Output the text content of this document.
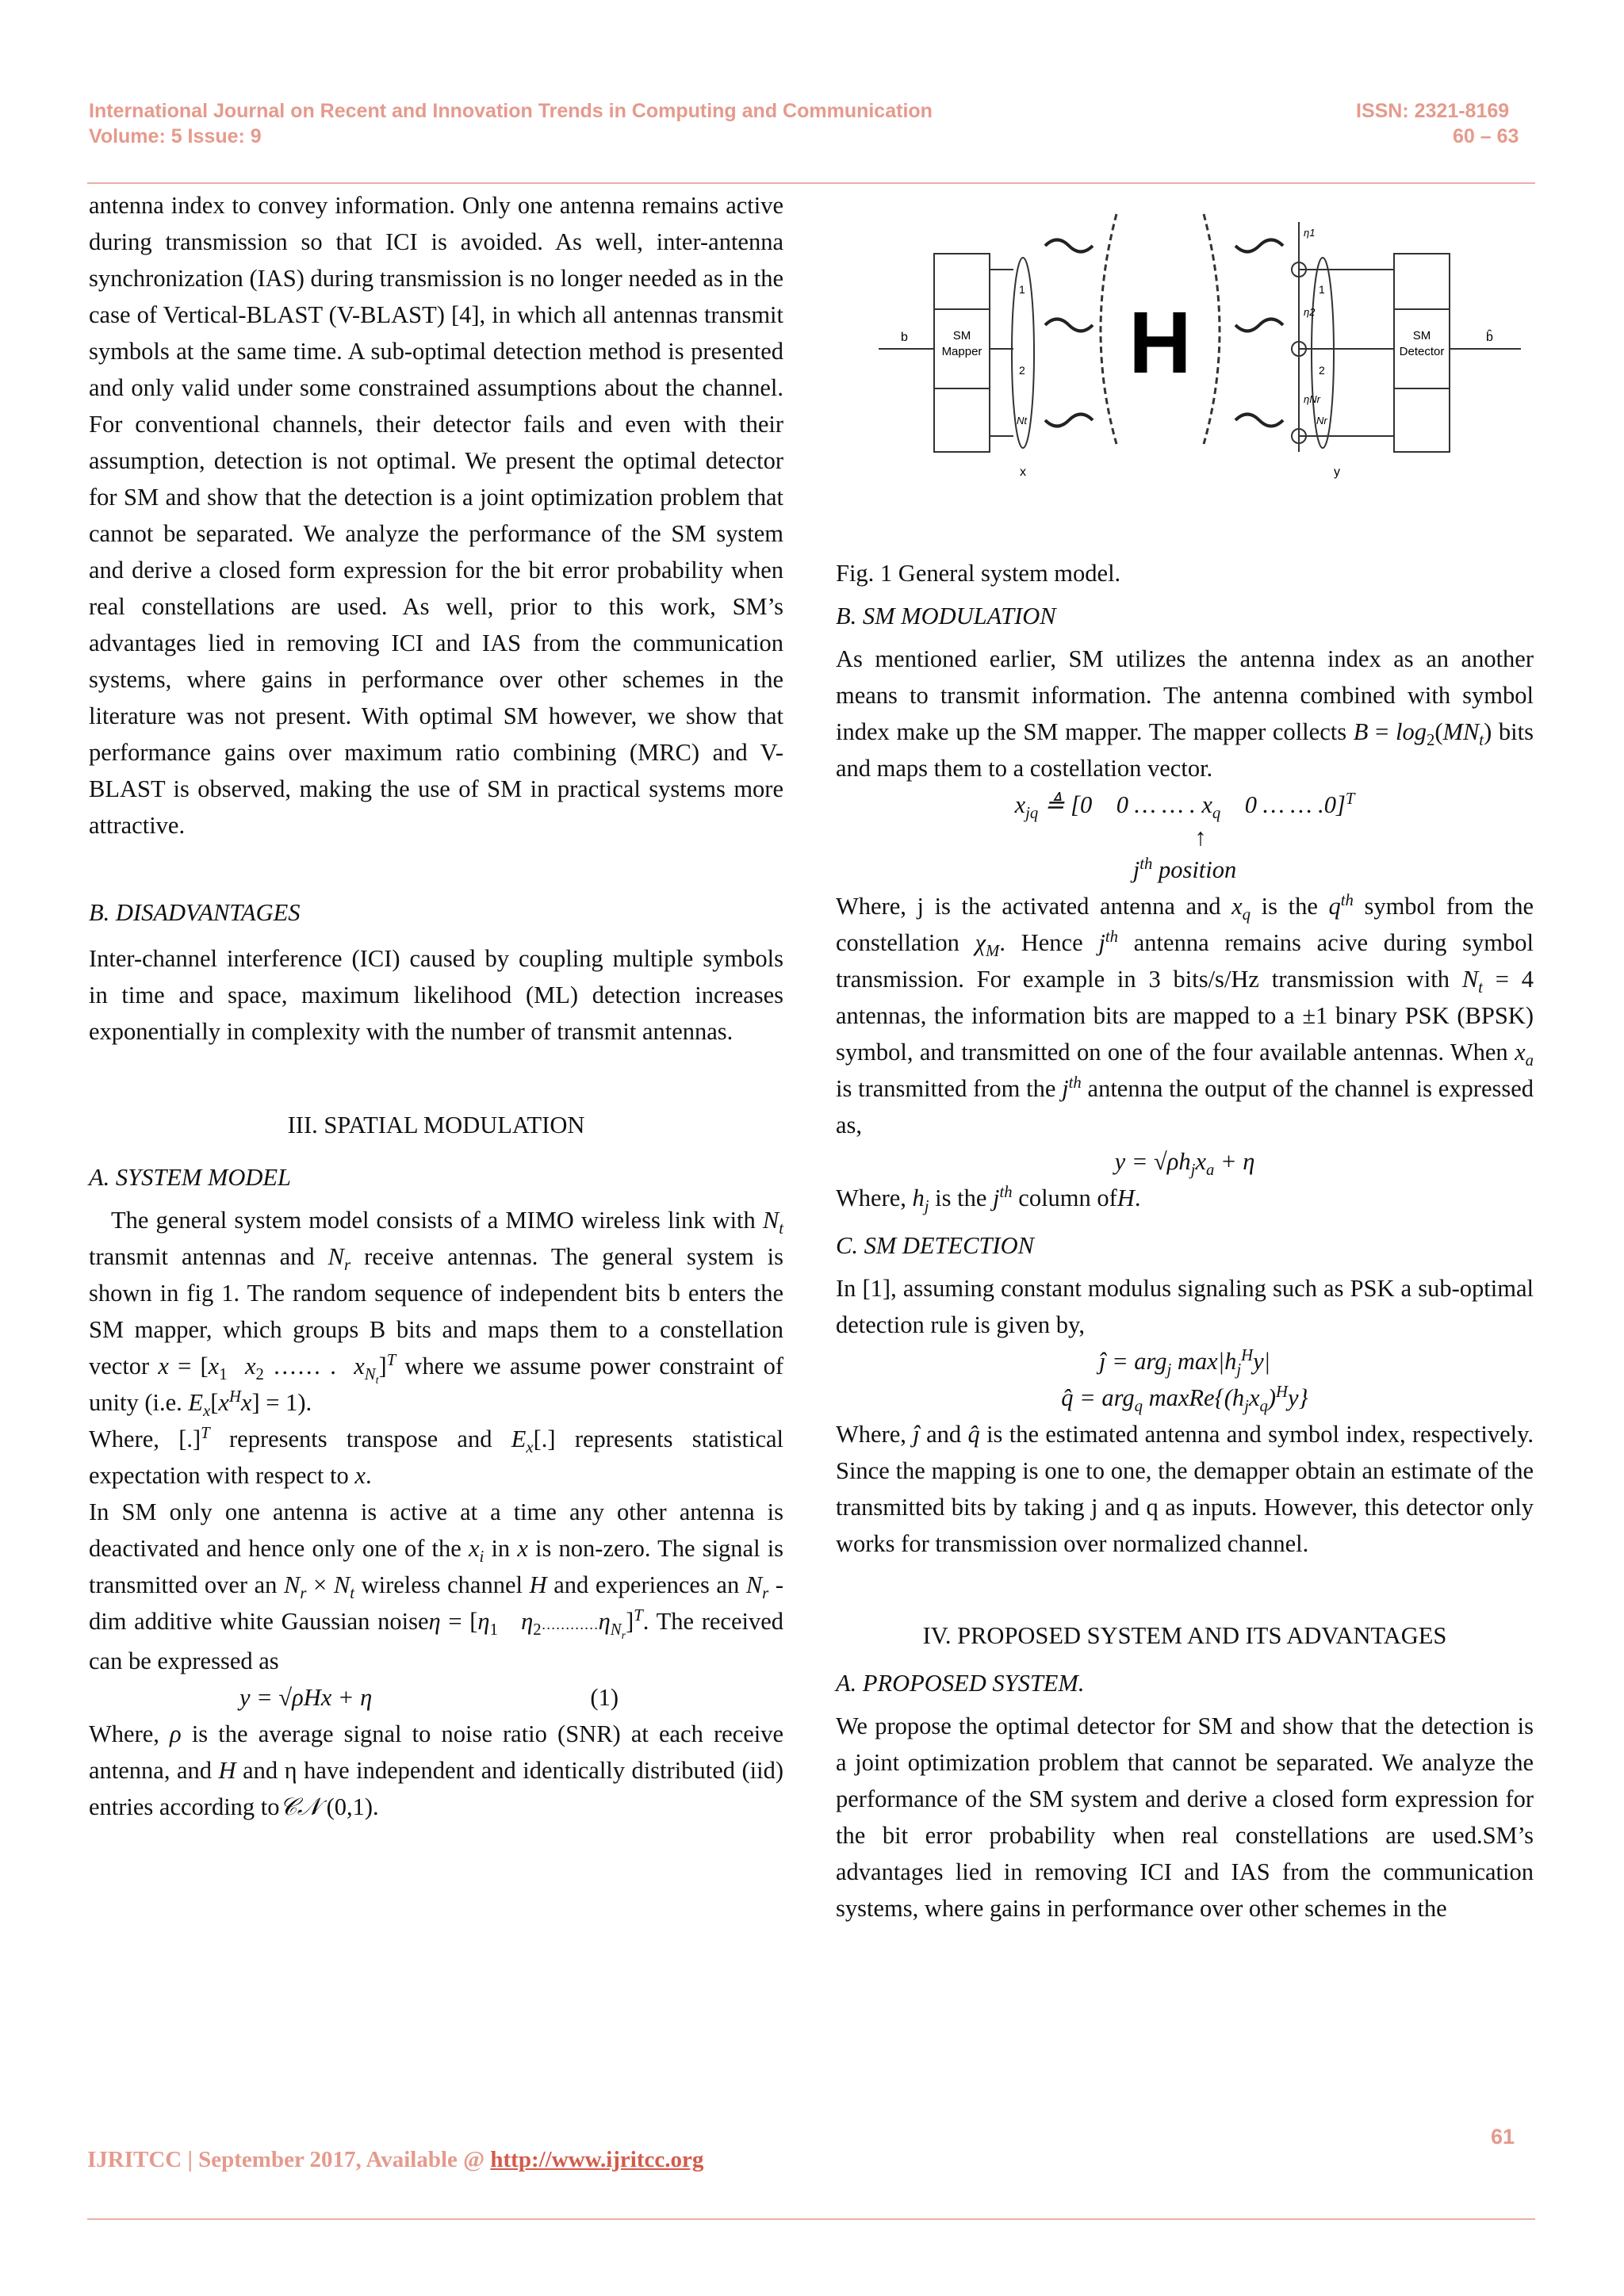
International Journal on Recent and Innovation Trends in Computing and Communication	ISSN: 2321-8169
Volume: 5 Issue: 9	60 – 63

antenna index to convey information. Only one antenna remains active during transmission so that ICI is avoided. As well, inter-antenna synchronization (IAS) during transmission is no longer needed as in the case of Vertical-BLAST (V-BLAST) [4], in which all antennas transmit symbols at the same time. A sub-optimal detection method is presented and only valid under some constrained assumptions about the channel. For conventional channels, their detector fails and even with their assumption, detection is not optimal. We present the optimal detector for SM and show that the detection is a joint optimization problem that cannot be separated. We analyze the performance of the SM system and derive a closed form expression for the bit error probability when real constellations are used. As well, prior to this work, SM’s advantages lied in removing ICI and IAS from the communication systems, where gains in performance over other schemes in the literature was not present. With optimal SM however, we show that performance gains over maximum ratio combining (MRC) and V-BLAST is observed, making the use of SM in practical systems more attractive.

B. DISADVANTAGES

Inter-channel interference (ICI) caused by coupling multiple symbols in time and space, maximum likelihood (ML) detection increases exponentially in complexity with the number of transmit antennas.

III. SPATIAL MODULATION

A. SYSTEM MODEL

The general system model consists of a MIMO wireless link with $N_t$ transmit antennas and $N_r$ receive antennas. The general system is shown in fig 1. The random sequence of independent bits b enters the SM mapper, which groups B bits and maps them to a constellation vector $x = [x_1$ $x_2$ …… .  $x_{N_t}]^T$ where we assume power constraint of unity (i.e. $E_x[x^Hx] = 1$).

Where, [.]$^T$ represents transpose and $E_x[.]$ represents statistical expectation with respect to x.

In SM only one antenna is active at a time any other antenna is deactivated and hence only one of the $x_i$ in x is non-zero. The signal is transmitted over an $N_r \times N_t$ wireless channel H and experiences an $N_r$ -dim additive white Gaussian noiseη = [$\eta_1$ $\eta_2\dots\dots\dots\dots\eta_{N_r}]^T$. The received can be expressed as

y = √ρHx + η	(1)

Where, ρ is the average signal to noise ratio (SNR) at each receive antenna, and H and η have independent and identically distributed (iid) entries according to𝒞𝒩 (0,1).

SM
Mapper
b
1
2
Nt
x
H
η1
η2
ηNr
1
2
Nr
y
SM
Detector
b̂

Fig. 1 General system model.

B. SM MODULATION

As mentioned earlier, SM utilizes the antenna index as an another means to transmit information. The antenna combined with symbol index make up the SM mapper. The mapper collects $B = \log_2(MN_t)$ bits and maps them to a costellation vector.

$x_{jq}$ ≜ [0    0 … … . $x_q$    0 … … .0]$^T$

↑

$j^{th}$ position

Where, j is the activated antenna and $x_q$ is the $q^{th}$ symbol from the constellation $\chi_M$. Hence $j^{th}$ antenna remains acive during symbol transmission. For example in 3 bits/s/Hz transmission with $N_t = 4$ antennas, the information bits are mapped to a ±1 binary PSK (BPSK) symbol, and transmitted on one of the four available antennas. When $x_a$ is transmitted from the $j^{th}$ antenna the output of the channel is expressed as,

$y = √\rho h_jx_a + \eta$

Where, $h_j$ is the $j^{th}$ column ofH.

C. SM DETECTION

In [1], assuming constant modulus signaling such as PSK a sub-optimal detection rule is given by,

ĵ = arg$_j$ $\max|h_j^Hy|$

q̂ = arg$_q$ $maxRe\{(h_jx_q)^Hy\}$

Where, ĵ and q̂ is the estimated antenna and symbol index, respectively. Since the mapping is one to one, the demapper obtain an estimate of the transmitted bits by taking j and q as inputs. However, this detector only works for transmission over normalized channel.

IV. PROPOSED SYSTEM AND ITS ADVANTAGES

A. PROPOSED SYSTEM.

We propose the optimal detector for SM and show that the detection is a joint optimization problem that cannot be separated. We analyze the performance of the SM system and derive a closed form expression for the bit error probability when real constellations are used.SM’s advantages lied in removing ICI and IAS from the communication systems, where gains in performance over other schemes in the

61
IJRITCC | September 2017, Available @ http://www.ijritcc.org
